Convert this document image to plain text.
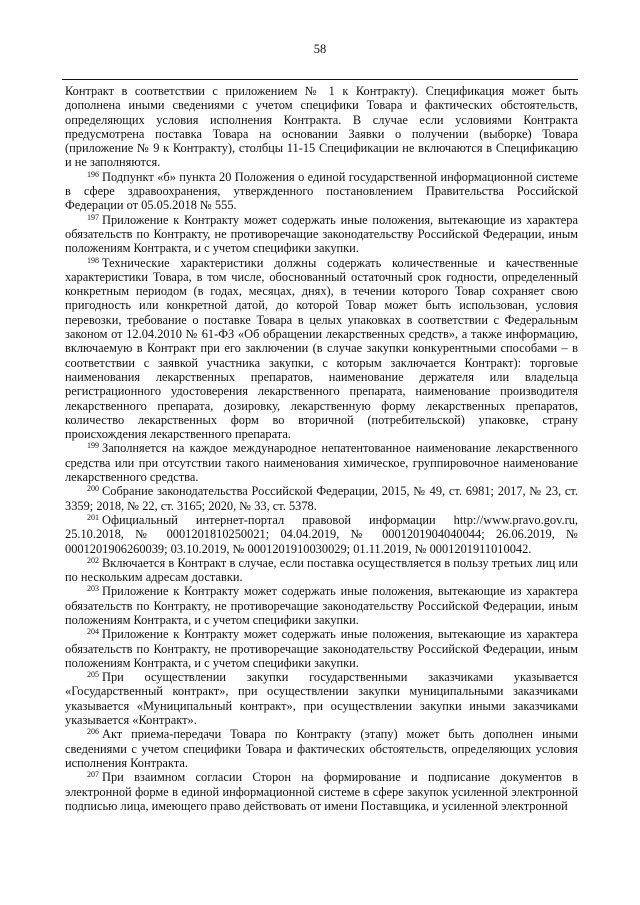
58

Контракт в соответствии с приложением № 1 к Контракту). Спецификация может быть дополнена иными сведениями с учетом специфики Товара и фактических обстоятельств, определяющих условия исполнения Контракта. В случае если условиями Контракта предусмотрена поставка Товара на основании Заявки о получении (выборке) Товара (приложение № 9 к Контракту), столбцы 11-15 Спецификации не включаются в Спецификацию и не заполняются.

$^{196}$ Подпункт «б» пункта 20 Положения о единой государственной информационной системе в сфере здравоохранения, утвержденного постановлением Правительства Российской Федерации от 05.05.2018 № 555.

$^{197}$ Приложение к Контракту может содержать иные положения, вытекающие из характера обязательств по Контракту, не противоречащие законодательству Российской Федерации, иным положениям Контракта, и с учетом специфики закупки.

$^{198}$ Технические характеристики должны содержать количественные и качественные характеристики Товара, в том числе, обоснованный остаточный срок годности, определенный конкретным периодом (в годах, месяцах, днях), в течении которого Товар сохраняет свою пригодность или конкретной датой, до которой Товар может быть использован, условия перевозки, требование о поставке Товара в целых упаковках в соответствии с Федеральным законом от 12.04.2010 № 61-ФЗ «Об обращении лекарственных средств», а также информацию, включаемую в Контракт при его заключении (в случае закупки конкурентными способами – в соответствии с заявкой участника закупки, с которым заключается Контракт): торговые наименования лекарственных препаратов, наименование держателя или владельца регистрационного удостоверения лекарственного препарата, наименование производителя лекарственного препарата, дозировку, лекарственную форму лекарственных препаратов, количество лекарственных форм во вторичной (потребительской) упаковке, страну происхождения лекарственного препарата.

$^{199}$ Заполняется на каждое международное непатентованное наименование лекарственного средства или при отсутствии такого наименования химическое, группировочное наименование лекарственного средства.

$^{200}$ Собрание законодательства Российской Федерации, 2015, № 49, ст. 6981; 2017, № 23, ст. 3359; 2018, № 22, ст. 3165; 2020, № 33, ст. 5378.

$^{201}$ Официальный интернет-портал правовой информации http://www.pravo.gov.ru, 25.10.2018, № 0001201810250021; 04.04.2019, № 0001201904040044; 26.06.2019, № 0001201906260039; 03.10.2019, № 0001201910030029; 01.11.2019, № 0001201911010042.

$^{202}$ Включается в Контракт в случае, если поставка осуществляется в пользу третьих лиц или по нескольким адресам доставки.

$^{203}$ Приложение к Контракту может содержать иные положения, вытекающие из характера обязательств по Контракту, не противоречащие законодательству Российской Федерации, иным положениям Контракта, и с учетом специфики закупки.

$^{204}$ Приложение к Контракту может содержать иные положения, вытекающие из характера обязательств по Контракту, не противоречащие законодательству Российской Федерации, иным положениям Контракта, и с учетом специфики закупки.

$^{205}$ При осуществлении закупки государственными заказчиками указывается «Государственный контракт», при осуществлении закупки муниципальными заказчиками указывается «Муниципальный контракт», при осуществлении закупки иными заказчиками указывается «Контракт».

$^{206}$ Акт приема-передачи Товара по Контракту (этапу) может быть дополнен иными сведениями с учетом специфики Товара и фактических обстоятельств, определяющих условия исполнения Контракта.

$^{207}$ При взаимном согласии Сторон на формирование и подписание документов в электронной форме в единой информационной системе в сфере закупок усиленной электронной подписью лица, имеющего право действовать от имени Поставщика, и усиленной электронной
